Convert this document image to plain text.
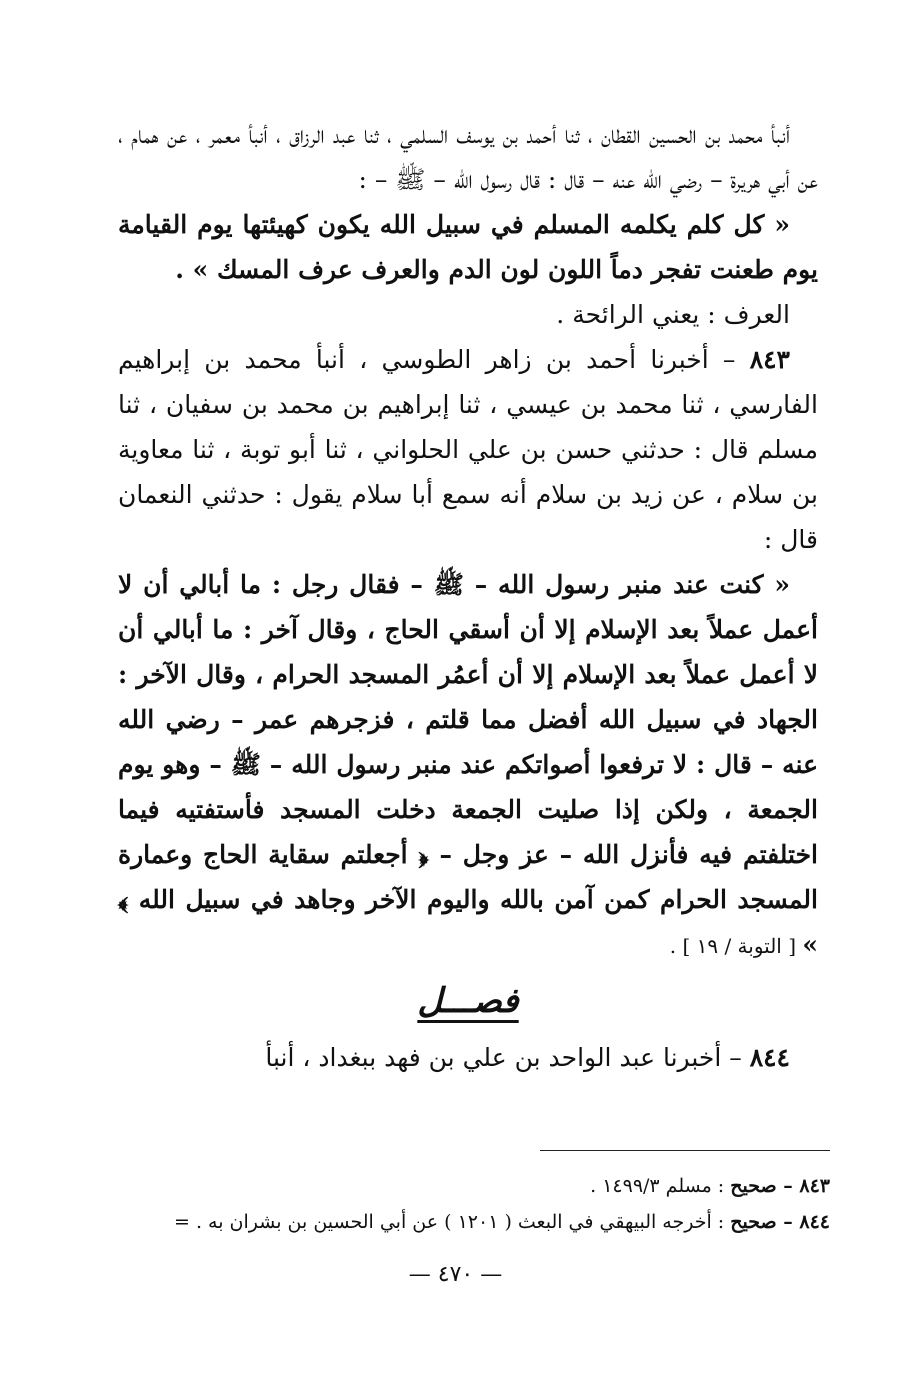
أنبأ محمد بن الحسين القطان ، ثنا أحمد بن يوسف السلمي ، ثنا عبد الرزاق ، أنبأ معمر ، عن همام ، عن أبي هريرة – رضي الله عنه – قال : قال رسول الله – ﷺ – :

« كل كلم يكلمه المسلم في سبيل الله يكون كهيئتها يوم القيامة يوم طعنت تفجر دماً اللون لون الدم والعرف عرف المسك » .

العرف : يعني الرائحة .

٨٤٣ – أخبرنا أحمد بن زاهر الطوسي ، أنبأ محمد بن إبراهيم الفارسي ، ثنا محمد بن عيسي ، ثنا إبراهيم بن محمد بن سفيان ، ثنا مسلم قال : حدثني حسن بن علي الحلواني ، ثنا أبو توبة ، ثنا معاوية بن سلام ، عن زيد بن سلام أنه سمع أبا سلام يقول : حدثني النعمان قال :

« كنت عند منبر رسول الله – ﷺ – فقال رجل : ما أبالي أن لا أعمل عملاً بعد الإسلام إلا أن أسقي الحاج ، وقال آخر : ما أبالي أن لا أعمل عملاً بعد الإسلام إلا أن أعمُر المسجد الحرام ، وقال الآخر : الجهاد في سبيل الله أفضل مما قلتم ، فزجرهم عمر – رضي الله عنه – قال : لا ترفعوا أصواتكم عند منبر رسول الله – ﷺ – وهو يوم الجمعة ، ولكن إذا صليت الجمعة دخلت المسجد فأستفتيه فيما اختلفتم فيه فأنزل الله – عز وجل – ﴿ أجعلتم سقاية الحاج وعمارة المسجد الحرام كمن آمن بالله واليوم الآخر وجاهد في سبيل الله ﴾ » [ التوبة / ١٩ ] .

فصـــل

٨٤٤ – أخبرنا عبد الواحد بن علي بن فهد ببغداد ، أنبأ

٨٤٣ – صحيح : مسلم ١٤٩٩/٣ .
٨٤٤ – صحيح : أخرجه البيهقي في البعث ( ١٢٠١ ) عن أبي الحسين بن بشران به . =
— ٤٧٠ —
